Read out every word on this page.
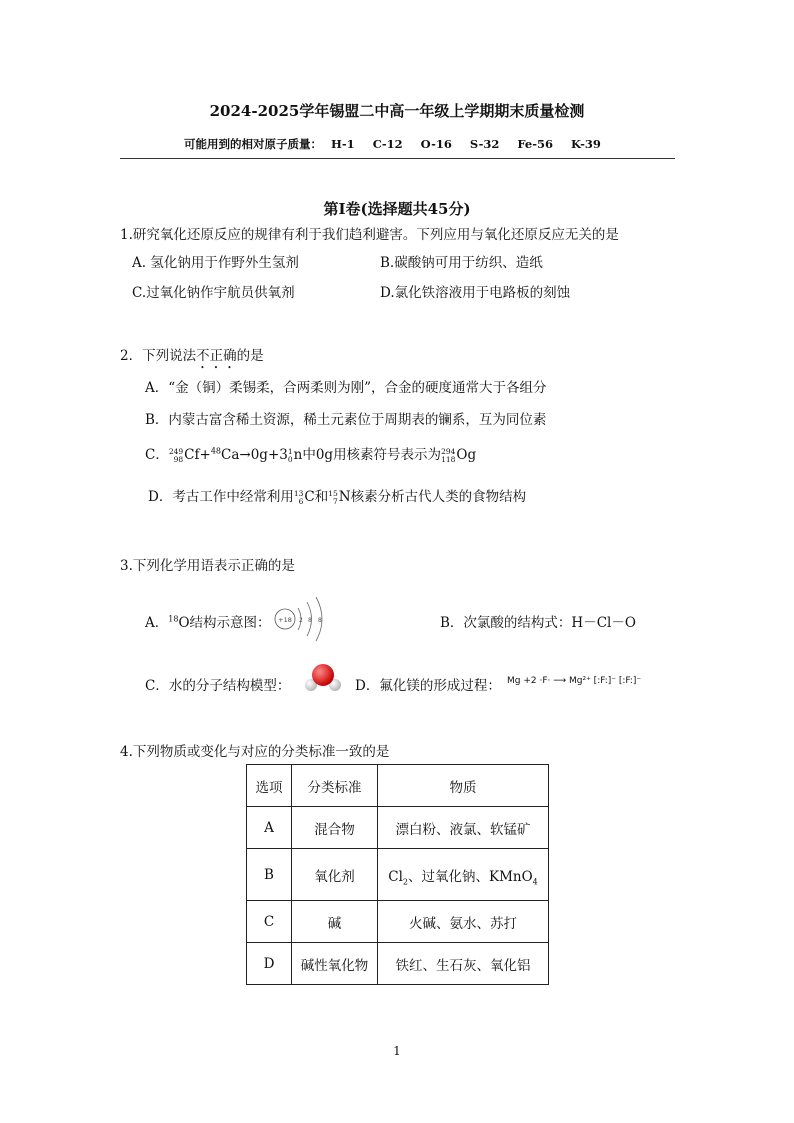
2024-2025学年锡盟二中高一年级上学期期末质量检测
可能用到的相对原子质量： H-1 C-12 O-16 S-32 Fe-56 K-39
第I卷(选择题共45分)
1.研究氧化还原反应的规律有利于我们趋利避害。下列应用与氧化还原反应无关的是
A. 氢化钠用于作野外生氢剂	B.碳酸钠可用于纺织、造纸
C.过氧化钠作宇航员供氧剂	D.氯化铁溶液用于电路板的刻蚀
2．下列说法不正确的是
A．“金（铜）柔锡柔，合两柔则为刚”，合金的硬度通常大于各组分
B．内蒙古富含稀土资源，稀土元素位于周期表的镧系，互为同位素
C． 249
98 Cf+$^{48}$Ca→0g+3 1
0 n中0g用核素符号表示为 294
118 Og
D．考古工作中经常利用 13
6 C和 15
7 N核素分析古代人类的食物结构
3.下列化学用语表示正确的是
A．$^{18}$O结构示意图： +18 2 8 8	B．次氯酸的结构式：H－Cl－O
C．水的分子结构模型：	D．氟化镁的形成过程： Mg +2 ·F· ⟶ Mg²⁺ [:F:]⁻ [:F:]⁻
4.下列物质或变化与对应的分类标准一致的是
选项	分类标准	物质
A	混合物	漂白粉、液氯、软锰矿
B	氧化剂	$Cl_2$、过氧化钠、KMnO$_4$
C	碱	火碱、氨水、苏打
D	碱性氧化物	铁红、生石灰、氧化铝
1
